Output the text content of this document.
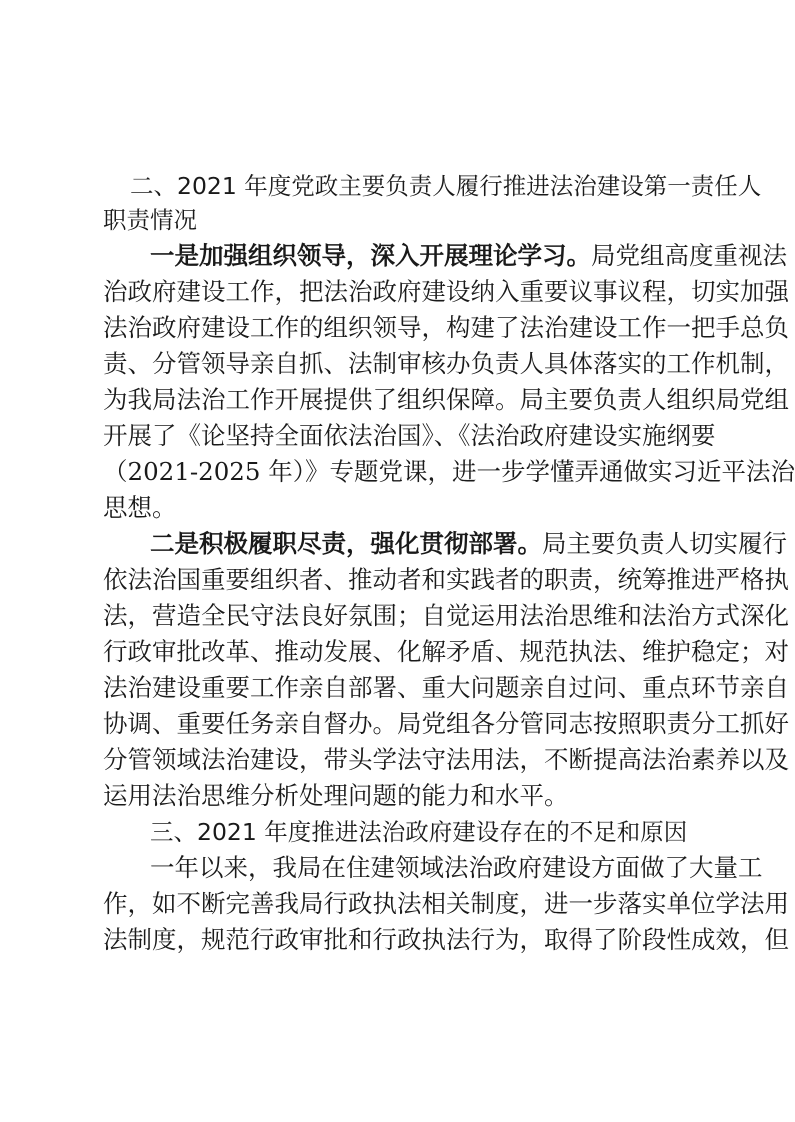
二、2021 年度党政主要负责人履行推进法治建设第一责任人
职责情况
一是加强组织领导，深入开展理论学习。局党组高度重视法
治政府建设工作，把法治政府建设纳入重要议事议程，切实加强
法治政府建设工作的组织领导，构建了法治建设工作一把手总负
责、分管领导亲自抓、法制审核办负责人具体落实的工作机制，
为我局法治工作开展提供了组织保障。局主要负责人组织局党组
开展了《论坚持全面依法治国》、《法治政府建设实施纲要
（2021-2025 年）》专题党课，进一步学懂弄通做实习近平法治
思想。
二是积极履职尽责，强化贯彻部署。局主要负责人切实履行
依法治国重要组织者、推动者和实践者的职责，统筹推进严格执
法，营造全民守法良好氛围；自觉运用法治思维和法治方式深化
行政审批改革、推动发展、化解矛盾、规范执法、维护稳定；对
法治建设重要工作亲自部署、重大问题亲自过问、重点环节亲自
协调、重要任务亲自督办。局党组各分管同志按照职责分工抓好
分管领域法治建设，带头学法守法用法，不断提高法治素养以及
运用法治思维分析处理问题的能力和水平。
三、2021 年度推进法治政府建设存在的不足和原因
一年以来，我局在住建领域法治政府建设方面做了大量工
作，如不断完善我局行政执法相关制度，进一步落实单位学法用
法制度，规范行政审批和行政执法行为，取得了阶段性成效，但
